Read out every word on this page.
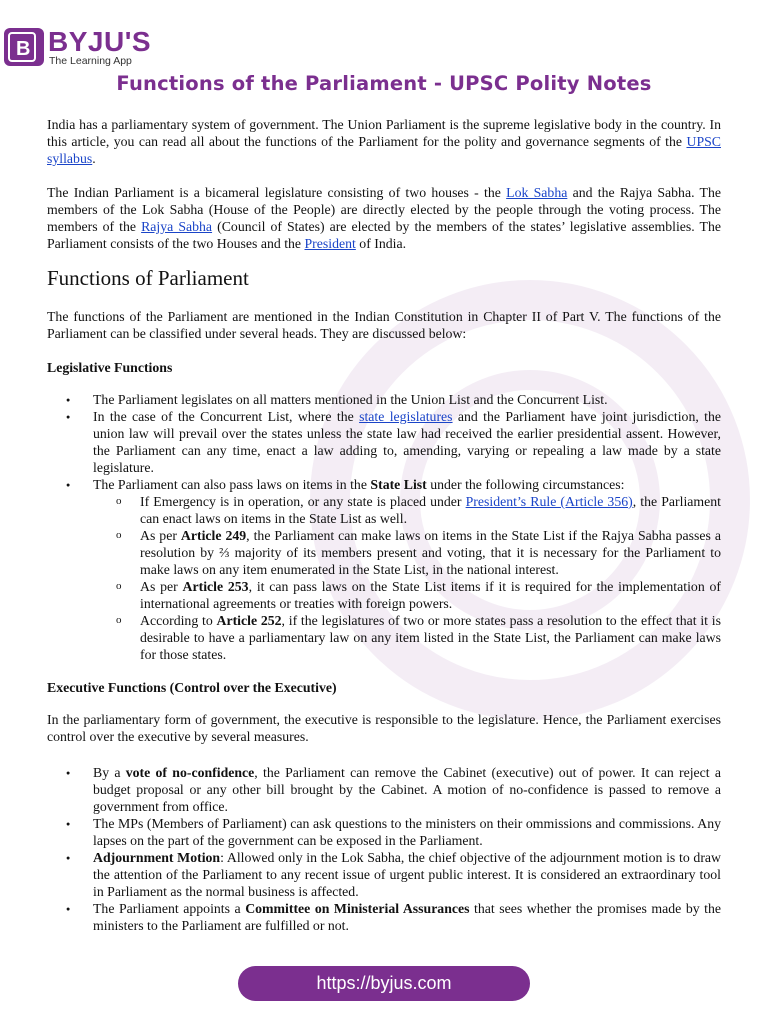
B BYJU'S
The Learning App
Functions of the Parliament - UPSC Polity Notes

India has a parliamentary system of government. The Union Parliament is the supreme legislative body in the country. In this article, you can read all about the functions of the Parliament for the polity and governance segments of the UPSC syllabus.

The Indian Parliament is a bicameral legislature consisting of two houses - the Lok Sabha and the Rajya Sabha. The members of the Lok Sabha (House of the People) are directly elected by the people through the voting process. The members of the Rajya Sabha (Council of States) are elected by the members of the states’ legislative assemblies. The Parliament consists of the two Houses and the President of India.

Functions of Parliament

The functions of the Parliament are mentioned in the Indian Constitution in Chapter II of Part V. The functions of the Parliament can be classified under several heads. They are discussed below:

Legislative Functions
● The Parliament legislates on all matters mentioned in the Union List and the Concurrent List.
● In the case of the Concurrent List, where the state legislatures and the Parliament have joint jurisdiction, the union law will prevail over the states unless the state law had received the earlier presidential assent. However, the Parliament can any time, enact a law adding to, amending, varying or repealing a law made by a state legislature.
● The Parliament can also pass laws on items in the State List under the following circumstances:
o If Emergency is in operation, or any state is placed under President’s Rule (Article 356), the Parliament can enact laws on items in the State List as well.
o As per Article 249, the Parliament can make laws on items in the State List if the Rajya Sabha passes a resolution by ⅔ majority of its members present and voting, that it is necessary for the Parliament to make laws on any item enumerated in the State List, in the national interest.
o As per Article 253, it can pass laws on the State List items if it is required for the implementation of international agreements or treaties with foreign powers.
o According to Article 252, if the legislatures of two or more states pass a resolution to the effect that it is desirable to have a parliamentary law on any item listed in the State List, the Parliament can make laws for those states.
Executive Functions (Control over the Executive)

In the parliamentary form of government, the executive is responsible to the legislature. Hence, the Parliament exercises control over the executive by several measures.

● By a vote of no-confidence, the Parliament can remove the Cabinet (executive) out of power. It can reject a budget proposal or any other bill brought by the Cabinet. A motion of no-confidence is passed to remove a government from office.
● The MPs (Members of Parliament) can ask questions to the ministers on their ommissions and commissions. Any lapses on the part of the government can be exposed in the Parliament.
● Adjournment Motion: Allowed only in the Lok Sabha, the chief objective of the adjournment motion is to draw the attention of the Parliament to any recent issue of urgent public interest. It is considered an extraordinary tool in Parliament as the normal business is affected.
● The Parliament appoints a Committee on Ministerial Assurances that sees whether the promises made by the ministers to the Parliament are fulfilled or not.
https://byjus.com
